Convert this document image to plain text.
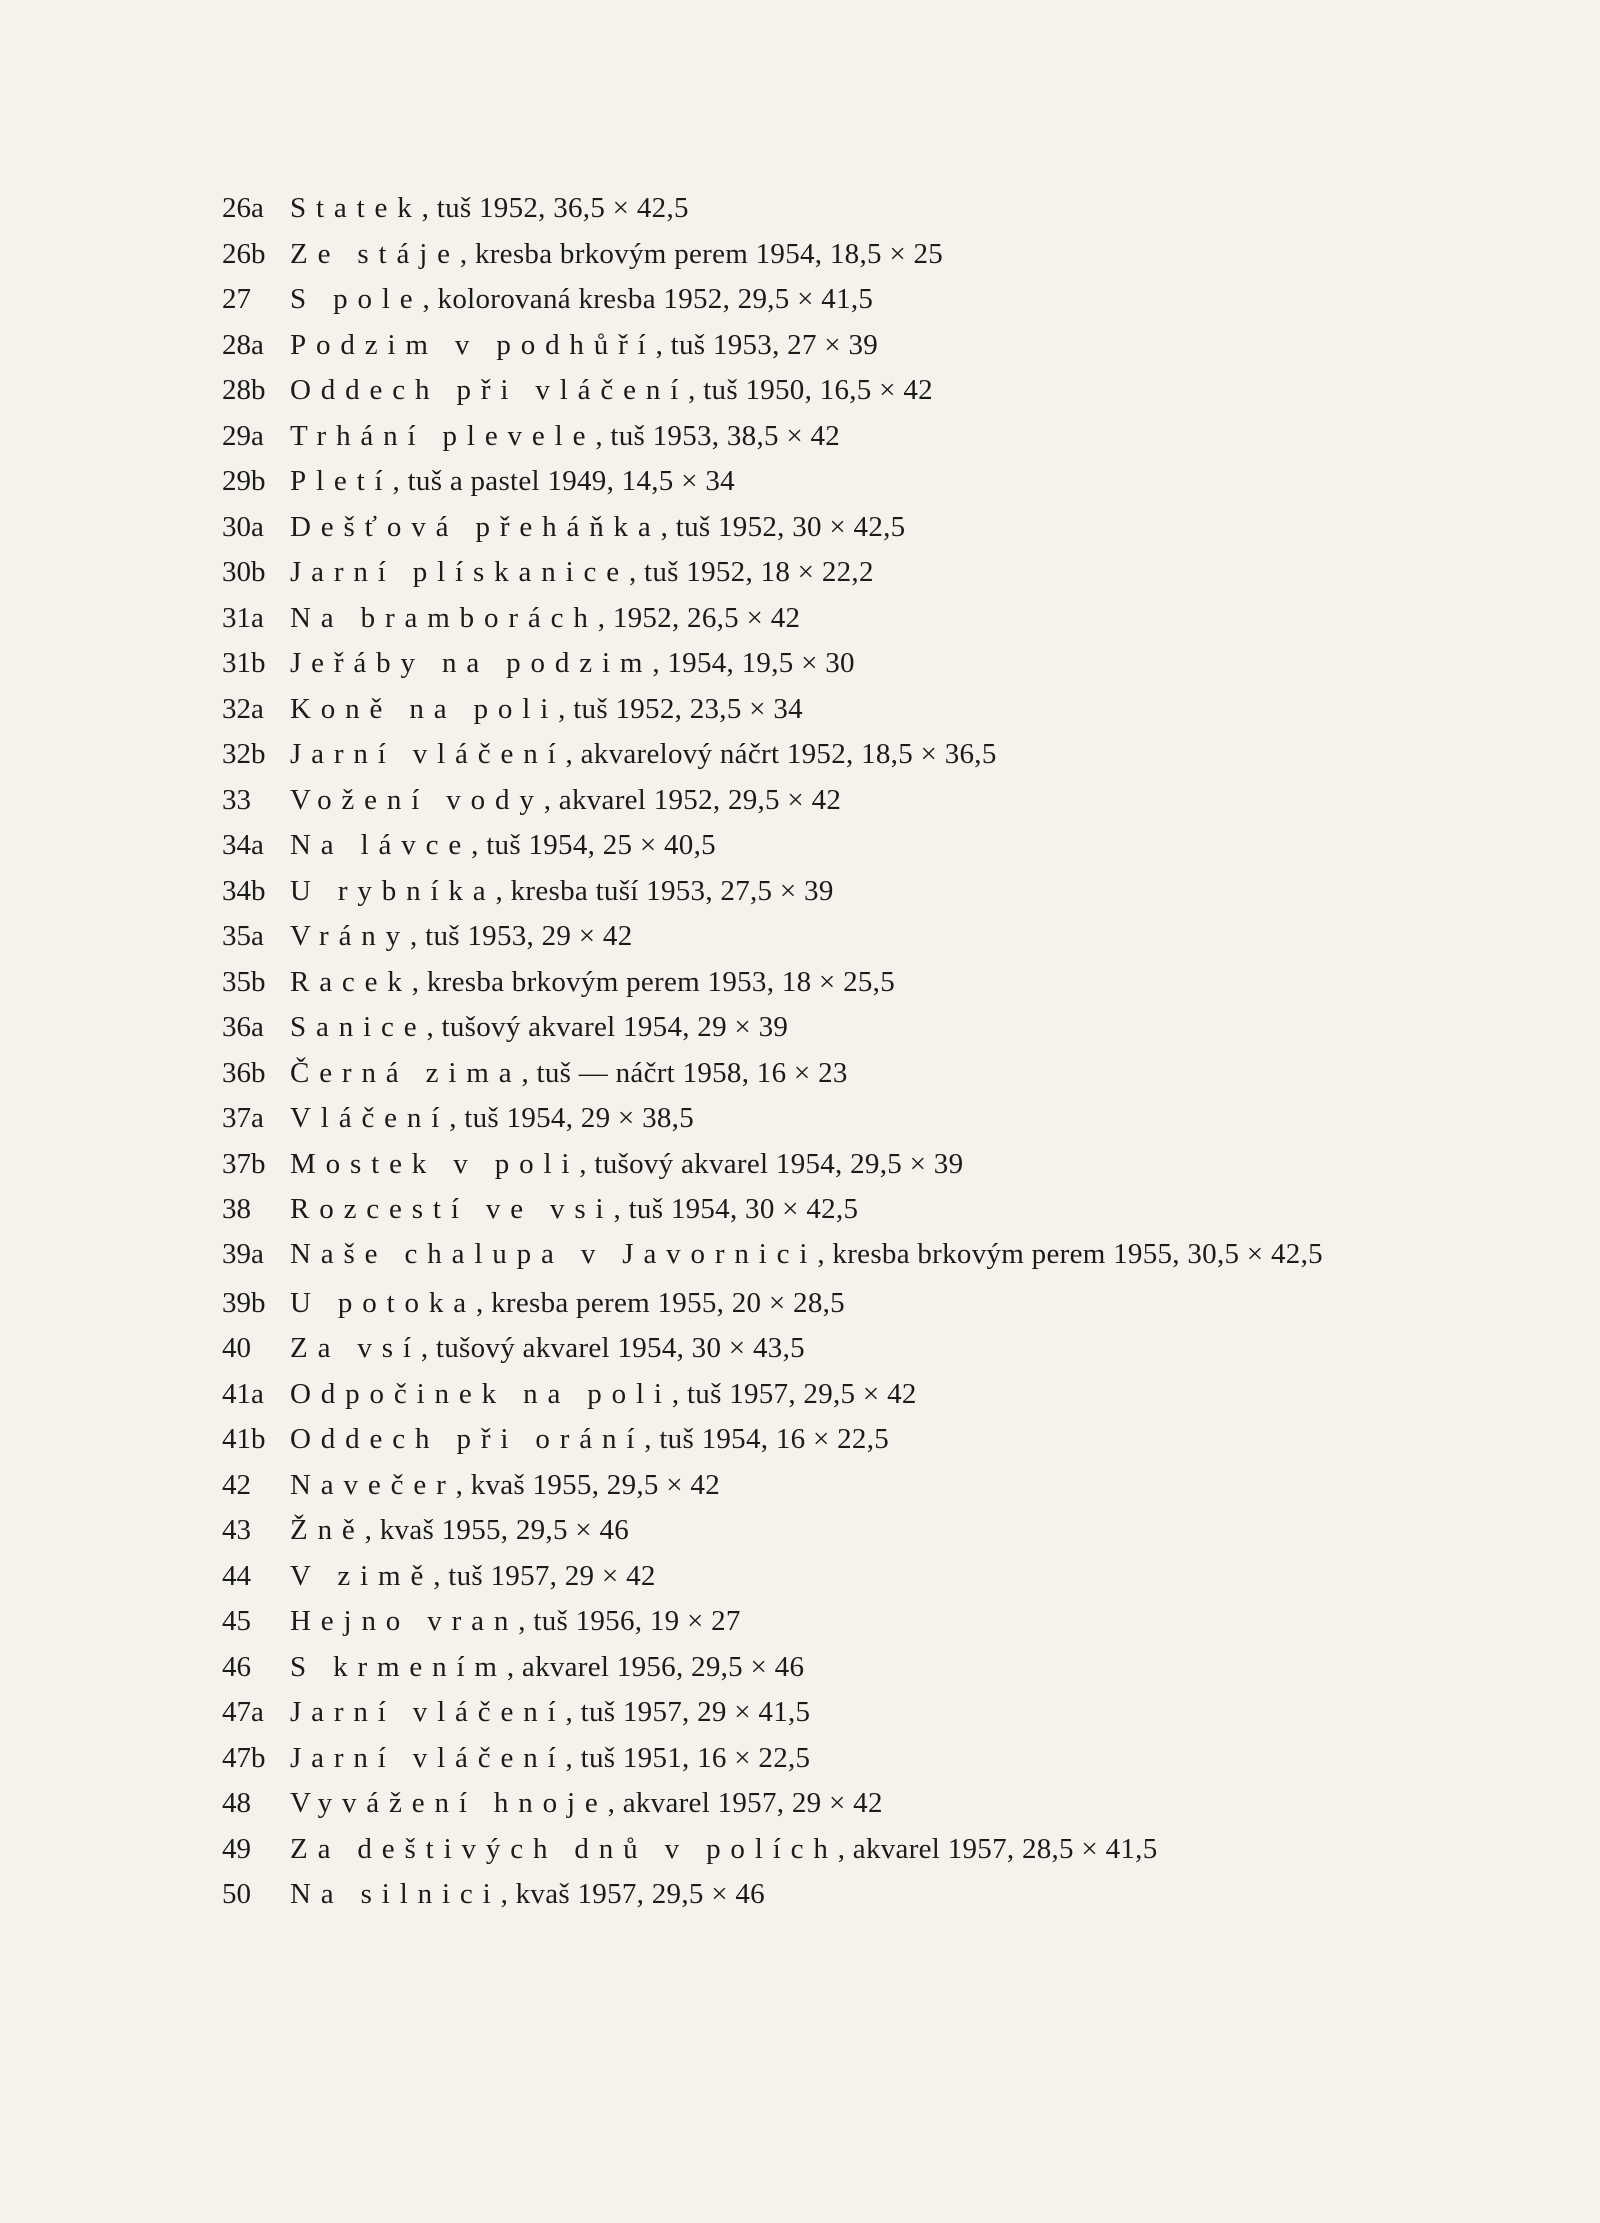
26a Statek, tuš 1952, 36,5 × 42,5
26b Ze stáje, kresba brkovým perem 1954, 18,5 × 25
27	S pole, kolorovaná kresba 1952, 29,5 × 41,5
28a Podzim v podhůří, tuš 1953, 27 × 39
28b Oddech při vláčení, tuš 1950, 16,5 × 42
29a Trhání plevele, tuš 1953, 38,5 × 42
29b Pletí, tuš a pastel 1949, 14,5 × 34
30a Dešťová přeháňka, tuš 1952, 30 × 42,5
30b Jarní plískanice, tuš 1952, 18 × 22,2
31a Na bramborách, 1952, 26,5 × 42
31b Jeřáby na podzim, 1954, 19,5 × 30
32a Koně na poli, tuš 1952, 23,5 × 34
32b Jarní vláčení, akvarelový náčrt 1952, 18,5 × 36,5
33	Vožení vody, akvarel 1952, 29,5 × 42
34a Na lávce, tuš 1954, 25 × 40,5
34b U rybníka, kresba tuší 1953, 27,5 × 39
35a Vrány, tuš 1953, 29 × 42
35b Racek, kresba brkovým perem 1953, 18 × 25,5
36a Sanice, tušový akvarel 1954, 29 × 39
36b Černá zima, tuš — náčrt 1958, 16 × 23
37a Vláčení, tuš 1954, 29 × 38,5
37b Mostek v poli, tušový akvarel 1954, 29,5 × 39
38	Rozcestí ve vsi, tuš 1954, 30 × 42,5
39a Naše chalupa v Javornici, kresba brkovým perem 1955, 30,5 × 42,5
39b U potoka, kresba perem 1955, 20 × 28,5
40	Za vsí, tušový akvarel 1954, 30 × 43,5
41a Odpočinek na poli, tuš 1957, 29,5 × 42
41b Oddech při orání, tuš 1954, 16 × 22,5
42	Navečer, kvaš 1955, 29,5 × 42
43	Žně, kvaš 1955, 29,5 × 46
44	V zimě, tuš 1957, 29 × 42
45	Hejno vran, tuš 1956, 19 × 27
46	S krmením, akvarel 1956, 29,5 × 46
47a Jarní vláčení, tuš 1957, 29 × 41,5
47b Jarní vláčení, tuš 1951, 16 × 22,5
48	Vyvážení hnoje, akvarel 1957, 29 × 42
49	Za deštivých dnů v polích, akvarel 1957, 28,5 × 41,5
50	Na silnici, kvaš 1957, 29,5 × 46
